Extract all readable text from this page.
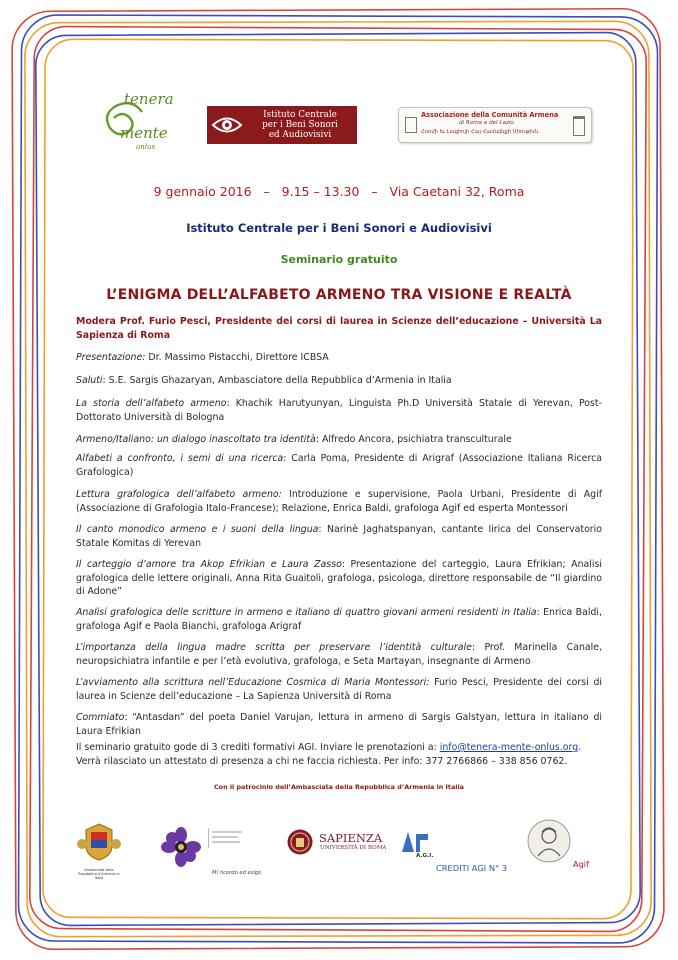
tenera
mente
onlus
Istituto Centrale
per i Beni Sonori
ed Audiovisivi
Associazione della Comunità Armena
di Roma e del Lazio
Հռոմի եւ Լացիոյի Հայ Համայնքի Միութիւն
9 gennaio 2016   –   9.15 – 13.30   –   Via Caetani 32, Roma
Istituto Centrale per i Beni Sonori e Audiovisivi
Seminario gratuito
L’ENIGMA DELL’ALFABETO ARMENO TRA VISIONE E REALTÀ
Modera Prof. Furio Pesci, Presidente dei corsi di laurea in Scienze dell’educazione – Università La Sapienza di Roma
Presentazione: Dr. Massimo Pistacchi, Direttore ICBSA
Saluti: S.E. Sargis Ghazaryan, Ambasciatore della Repubblica d’Armenia in Italia
La storia dell’alfabeto armeno: Khachik Harutyunyan, Linguista Ph.D Università Statale di Yerevan, Post-Dottorato Università di Bologna
Armeno/Italiano: un dialogo inascoltato tra identità: Alfredo Ancora, psichiatra transculturale
Alfabeti a confronto, i semi di una ricerca: Carla Poma, Presidente di Arigraf (Associazione Italiana Ricerca Grafologica)
Lettura grafologica dell’alfabeto armeno: Introduzione e supervisione, Paola Urbani, Presidente di Agif (Associazione di Grafologia Italo-Francese); Relazione, Enrica Baldi, grafologa Agif ed esperta Montessori
Il canto monodico armeno e i suoni della lingua: Narinè Jaghatspanyan, cantante lirica del Conservatorio Statale Komitas di Yerevan
Il carteggio d’amore tra Akop Efrikian e Laura Zasso: Presentazione del carteggio, Laura Efrikian; Analisi grafologica delle lettere originali, Anna Rita Guaitoli, grafologa, psicologa, direttore responsabile de “Il giardino di Adone”
Analisi grafologica delle scritture in armeno e italiano di quattro giovani armeni residenti in Italia: Enrica Baldi, grafologa Agif e Paola Bianchi, grafologa Arigraf
L’importanza della lingua madre scritta per preservare l’identità culturale: Prof. Marinella Canale, neuropsichiatra infantile e per l’età evolutiva, grafologa, e Seta Martayan, insegnante di Armeno
L’avviamento alla scrittura nell’Educazione Cosmica di Maria Montessori: Furio Pesci, Presidente dei corsi di laurea in Scienze dell’educazione – La Sapienza Università di Roma
Commiato: “Antasdan” del poeta Daniel Varujan, lettura in armeno di Sargis Galstyan, lettura in italiano di Laura Efrikian
Il seminario gratuito gode di 3 crediti formativi AGI. Inviare le prenotazioni a: info@tenera-mente-onlus.org.
Verrà rilasciato un attestato di presenza a chi ne faccia richiesta. Per info: 377 2766866 – 338 856 0762.
Con il patrocinio dell’Ambasciata della Repubblica d’Armenia in Italia
Ambasciata della Repubblica d’Armenia in Italia
Mi ricordo ed esigo
SAPIENZA
UNIVERSITÀ DI ROMA
A.G.I.
CREDITI AGI N° 3	Agif
